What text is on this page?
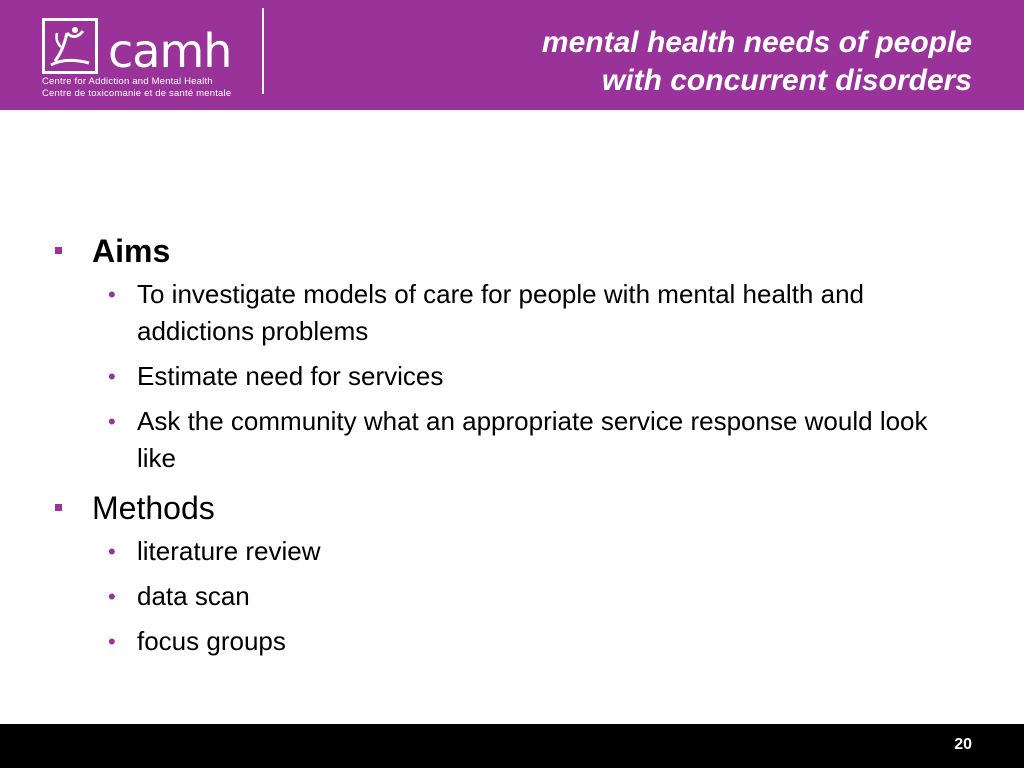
camh
Centre for Addiction and Mental Health
Centre de toxicomanie et de santé mentale
mental health needs of people
with concurrent disorders
Aims
• To investigate models of care for people with mental health and addictions problems
• Estimate need for services
• Ask the community what an appropriate service response would look like
Methods
• literature review
• data scan
• focus groups
20
